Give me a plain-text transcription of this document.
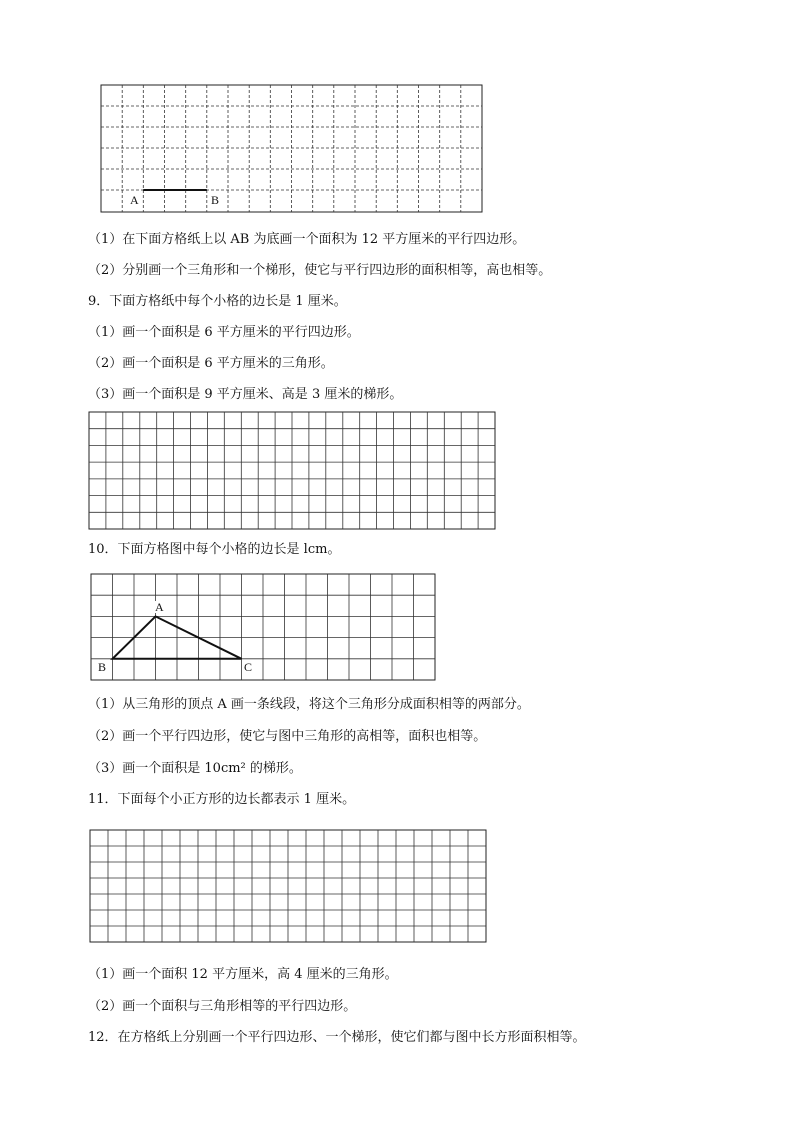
A	B
（1）在下面方格纸上以 AB 为底画一个面积为 12 平方厘米的平行四边形。
（2）分别画一个三角形和一个梯形，使它与平行四边形的面积相等，高也相等。
9．下面方格纸中每个小格的边长是 1 厘米。
（1）画一个面积是 6 平方厘米的平行四边形。
（2）画一个面积是 6 平方厘米的三角形。
（3）画一个面积是 9 平方厘米、高是 3 厘米的梯形。
10．下面方格图中每个小格的边长是 lcm。
A
B	C
（1）从三角形的顶点 A 画一条线段，将这个三角形分成面积相等的两部分。
（2）画一个平行四边形，使它与图中三角形的高相等，面积也相等。
（3）画一个面积是 10cm² 的梯形。
11．下面每个小正方形的边长都表示 1 厘米。
（1）画一个面积 12 平方厘米，高 4 厘米的三角形。
（2）画一个面积与三角形相等的平行四边形。
12．在方格纸上分别画一个平行四边形、一个梯形，使它们都与图中长方形面积相等。
